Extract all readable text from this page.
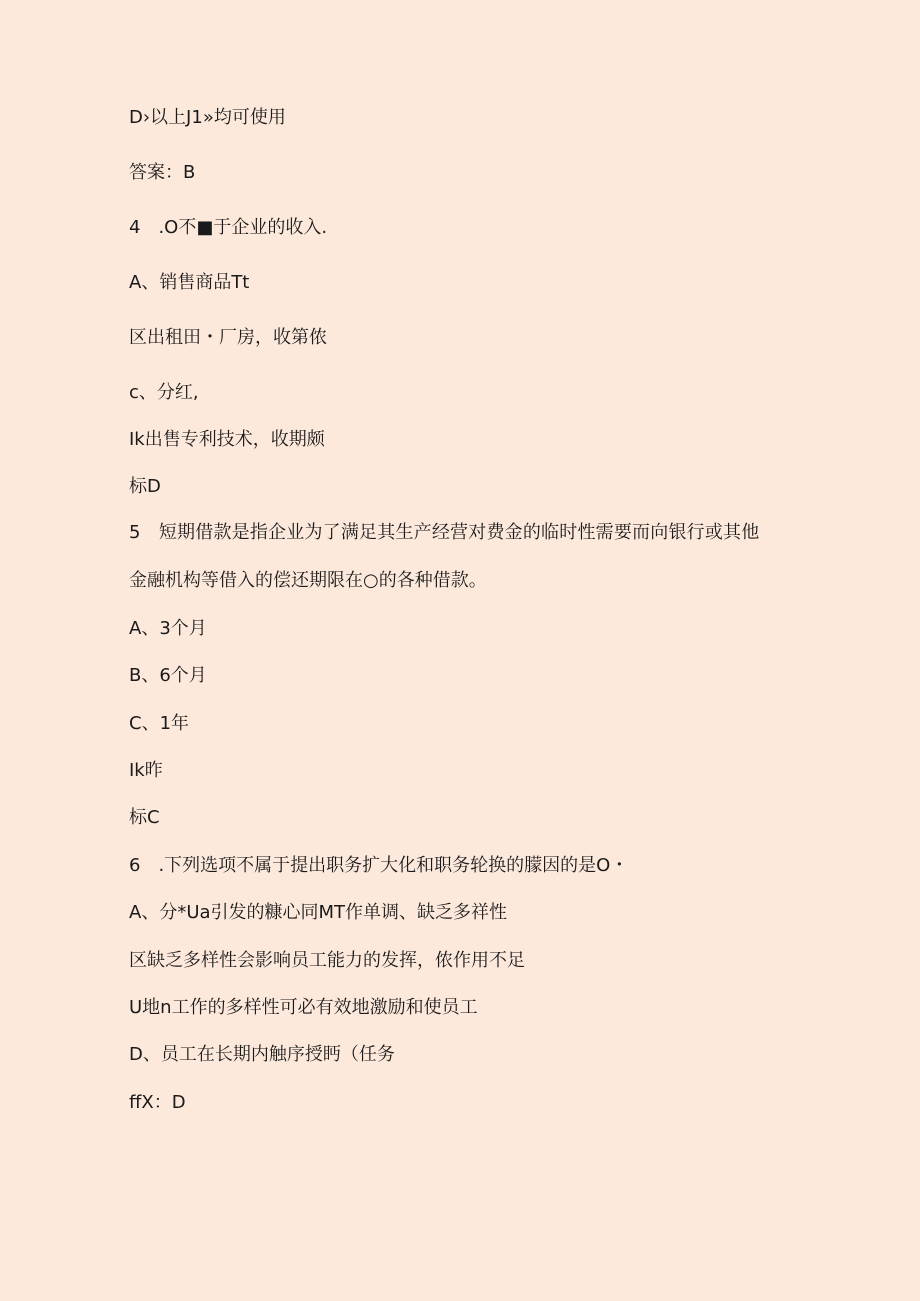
D›以上J1»均可使用
答案：B
4　.O不■于企业的收入.
A、销售商品Tt
区出租田・厂房，收第侬
c、分红,
Ik出售专利技术，收期颇
标D
5　短期借款是指企业为了满足其生产经营对费金的临时性需要而向银行或其他
金融机构等借入的偿还期限在○的各种借款。
A、3个月
B、6个月
C、1年
Ik昨
标C
6　.下列选项不属于提出职务扩大化和职务轮换的朦因的是O・
A、分*Ua引发的糠心同MT作单调、缺乏多祥性
区缺乏多样性会影响员工能力的发挥，侬作用不足
U地n工作的多样性可必有效地激励和使员工
D、员工在长期内触序授眄（任务
ffX：D
